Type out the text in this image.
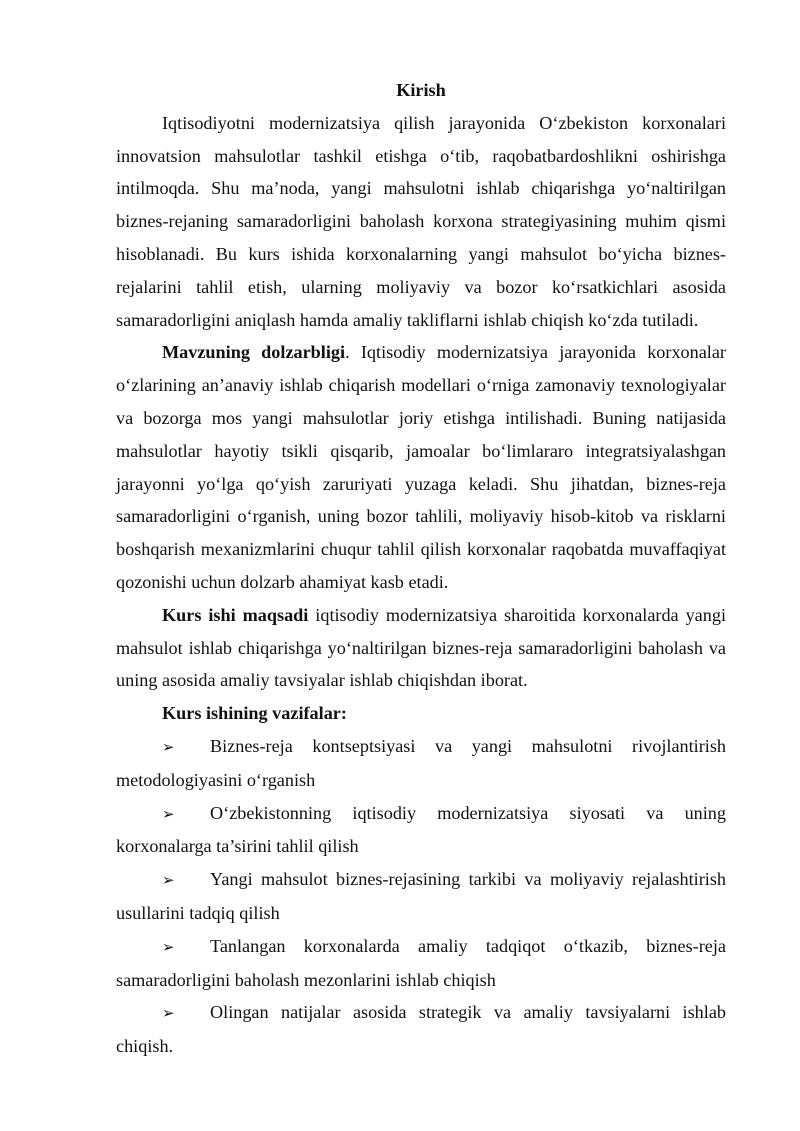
Kirish

Iqtisodiyotni modernizatsiya qilish jarayonida O‘zbekiston korxonalari innovatsion mahsulotlar tashkil etishga o‘tib, raqobatbardoshlikni oshirishga intilmoqda. Shu ma’noda, yangi mahsulotni ishlab chiqarishga yo‘naltirilgan biznes-rejaning samaradorligini baholash korxona strategiyasining muhim qismi hisoblanadi. Bu kurs ishida korxonalarning yangi mahsulot bo‘yicha biznes-rejalarini tahlil etish, ularning moliyaviy va bozor ko‘rsatkichlari asosida samaradorligini aniqlash hamda amaliy takliflarni ishlab chiqish ko‘zda tutiladi.

Mavzuning dolzarbligi. Iqtisodiy modernizatsiya jarayonida korxonalar o‘zlarining an’anaviy ishlab chiqarish modellari o‘rniga zamonaviy texnologiyalar va bozorga mos yangi mahsulotlar joriy etishga intilishadi. Buning natijasida mahsulotlar hayotiy tsikli qisqarib, jamoalar bo‘limlararo integratsiyalashgan jarayonni yo‘lga qo‘yish zaruriyati yuzaga keladi. Shu jihatdan, biznes-reja samaradorligini o‘rganish, uning bozor tahlili, moliyaviy hisob-kitob va risklarni boshqarish mexanizmlarini chuqur tahlil qilish korxonalar raqobatda muvaffaqiyat qozonishi uchun dolzarb ahamiyat kasb etadi.

Kurs ishi maqsadi iqtisodiy modernizatsiya sharoitida korxonalarda yangi mahsulot ishlab chiqarishga yo‘naltirilgan biznes-reja samaradorligini baholash va uning asosida amaliy tavsiyalar ishlab chiqishdan iborat.

Kurs ishining vazifalar:

➢ Biznes-reja kontseptsiyasi va yangi mahsulotni rivojlantirish metodologiyasini o‘rganish

➢ O‘zbekistonning iqtisodiy modernizatsiya siyosati va uning korxonalarga ta’sirini tahlil qilish

➢ Yangi mahsulot biznes-rejasining tarkibi va moliyaviy rejalashtirish usullarini tadqiq qilish

➢ Tanlangan korxonalarda amaliy tadqiqot o‘tkazib, biznes-reja samaradorligini baholash mezonlarini ishlab chiqish

➢ Olingan natijalar asosida strategik va amaliy tavsiyalarni ishlab chiqish.
